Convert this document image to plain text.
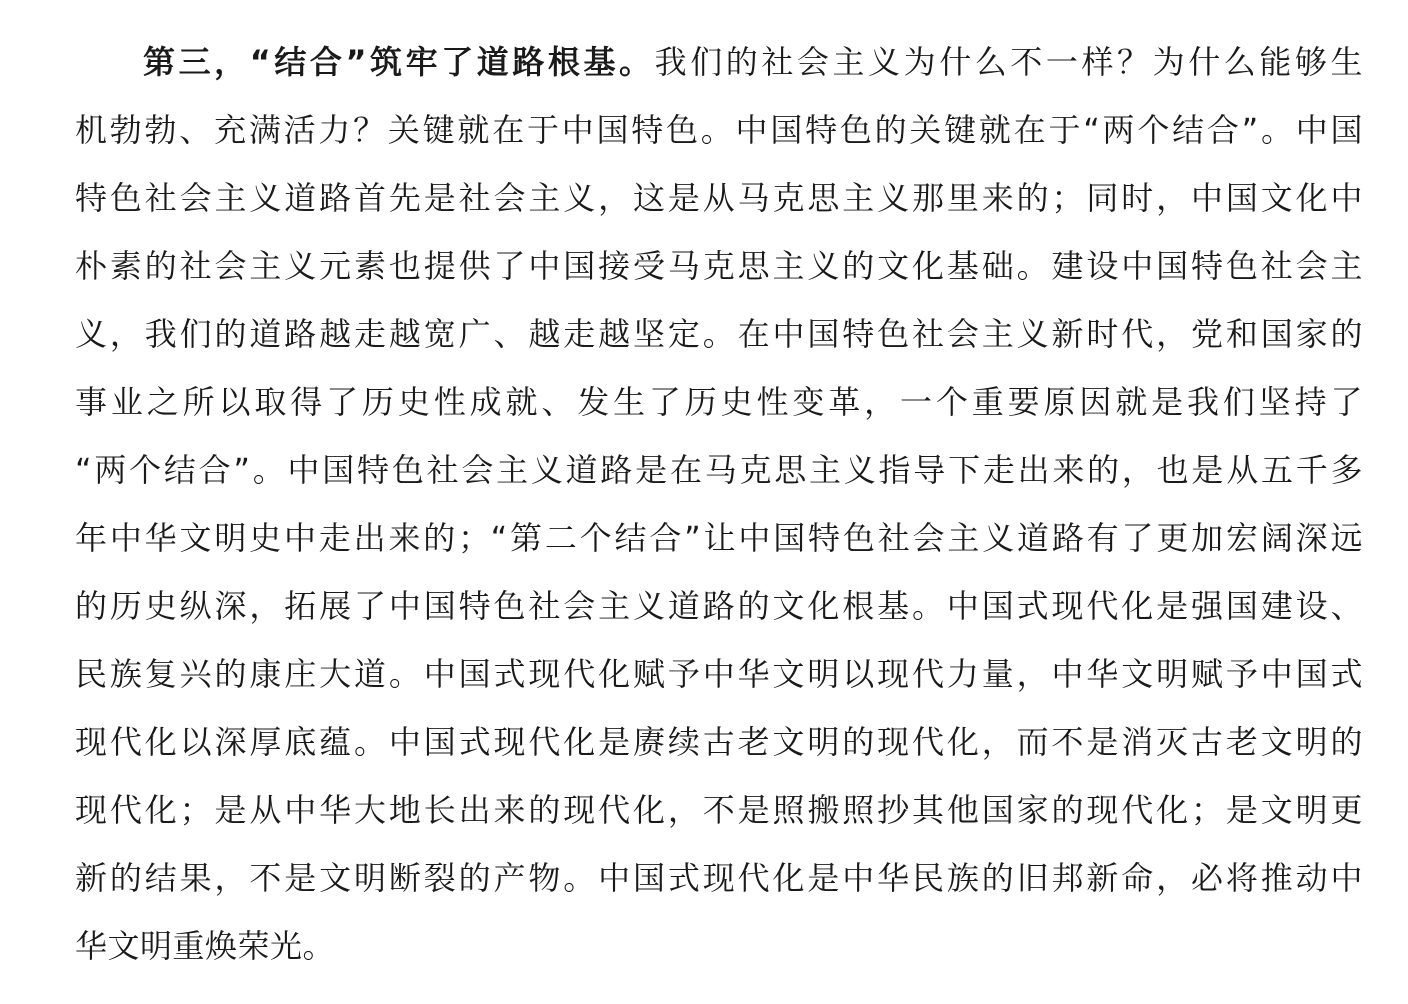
第三，“结合”筑牢了道路根基。我们的社会主义为什么不一样？为什么能够生
机勃勃、充满活力？关键就在于中国特色。中国特色的关键就在于“两个结合”。中国
特色社会主义道路首先是社会主义，这是从马克思主义那里来的；同时，中国文化中
朴素的社会主义元素也提供了中国接受马克思主义的文化基础。建设中国特色社会主
义，我们的道路越走越宽广、越走越坚定。在中国特色社会主义新时代，党和国家的
事业之所以取得了历史性成就、发生了历史性变革，一个重要原因就是我们坚持了
“两个结合”。中国特色社会主义道路是在马克思主义指导下走出来的，也是从五千多
年中华文明史中走出来的；“第二个结合”让中国特色社会主义道路有了更加宏阔深远
的历史纵深，拓展了中国特色社会主义道路的文化根基。中国式现代化是强国建设、
民族复兴的康庄大道。中国式现代化赋予中华文明以现代力量，中华文明赋予中国式
现代化以深厚底蕴。中国式现代化是赓续古老文明的现代化，而不是消灭古老文明的
现代化；是从中华大地长出来的现代化，不是照搬照抄其他国家的现代化；是文明更
新的结果，不是文明断裂的产物。中国式现代化是中华民族的旧邦新命，必将推动中
华文明重焕荣光。
